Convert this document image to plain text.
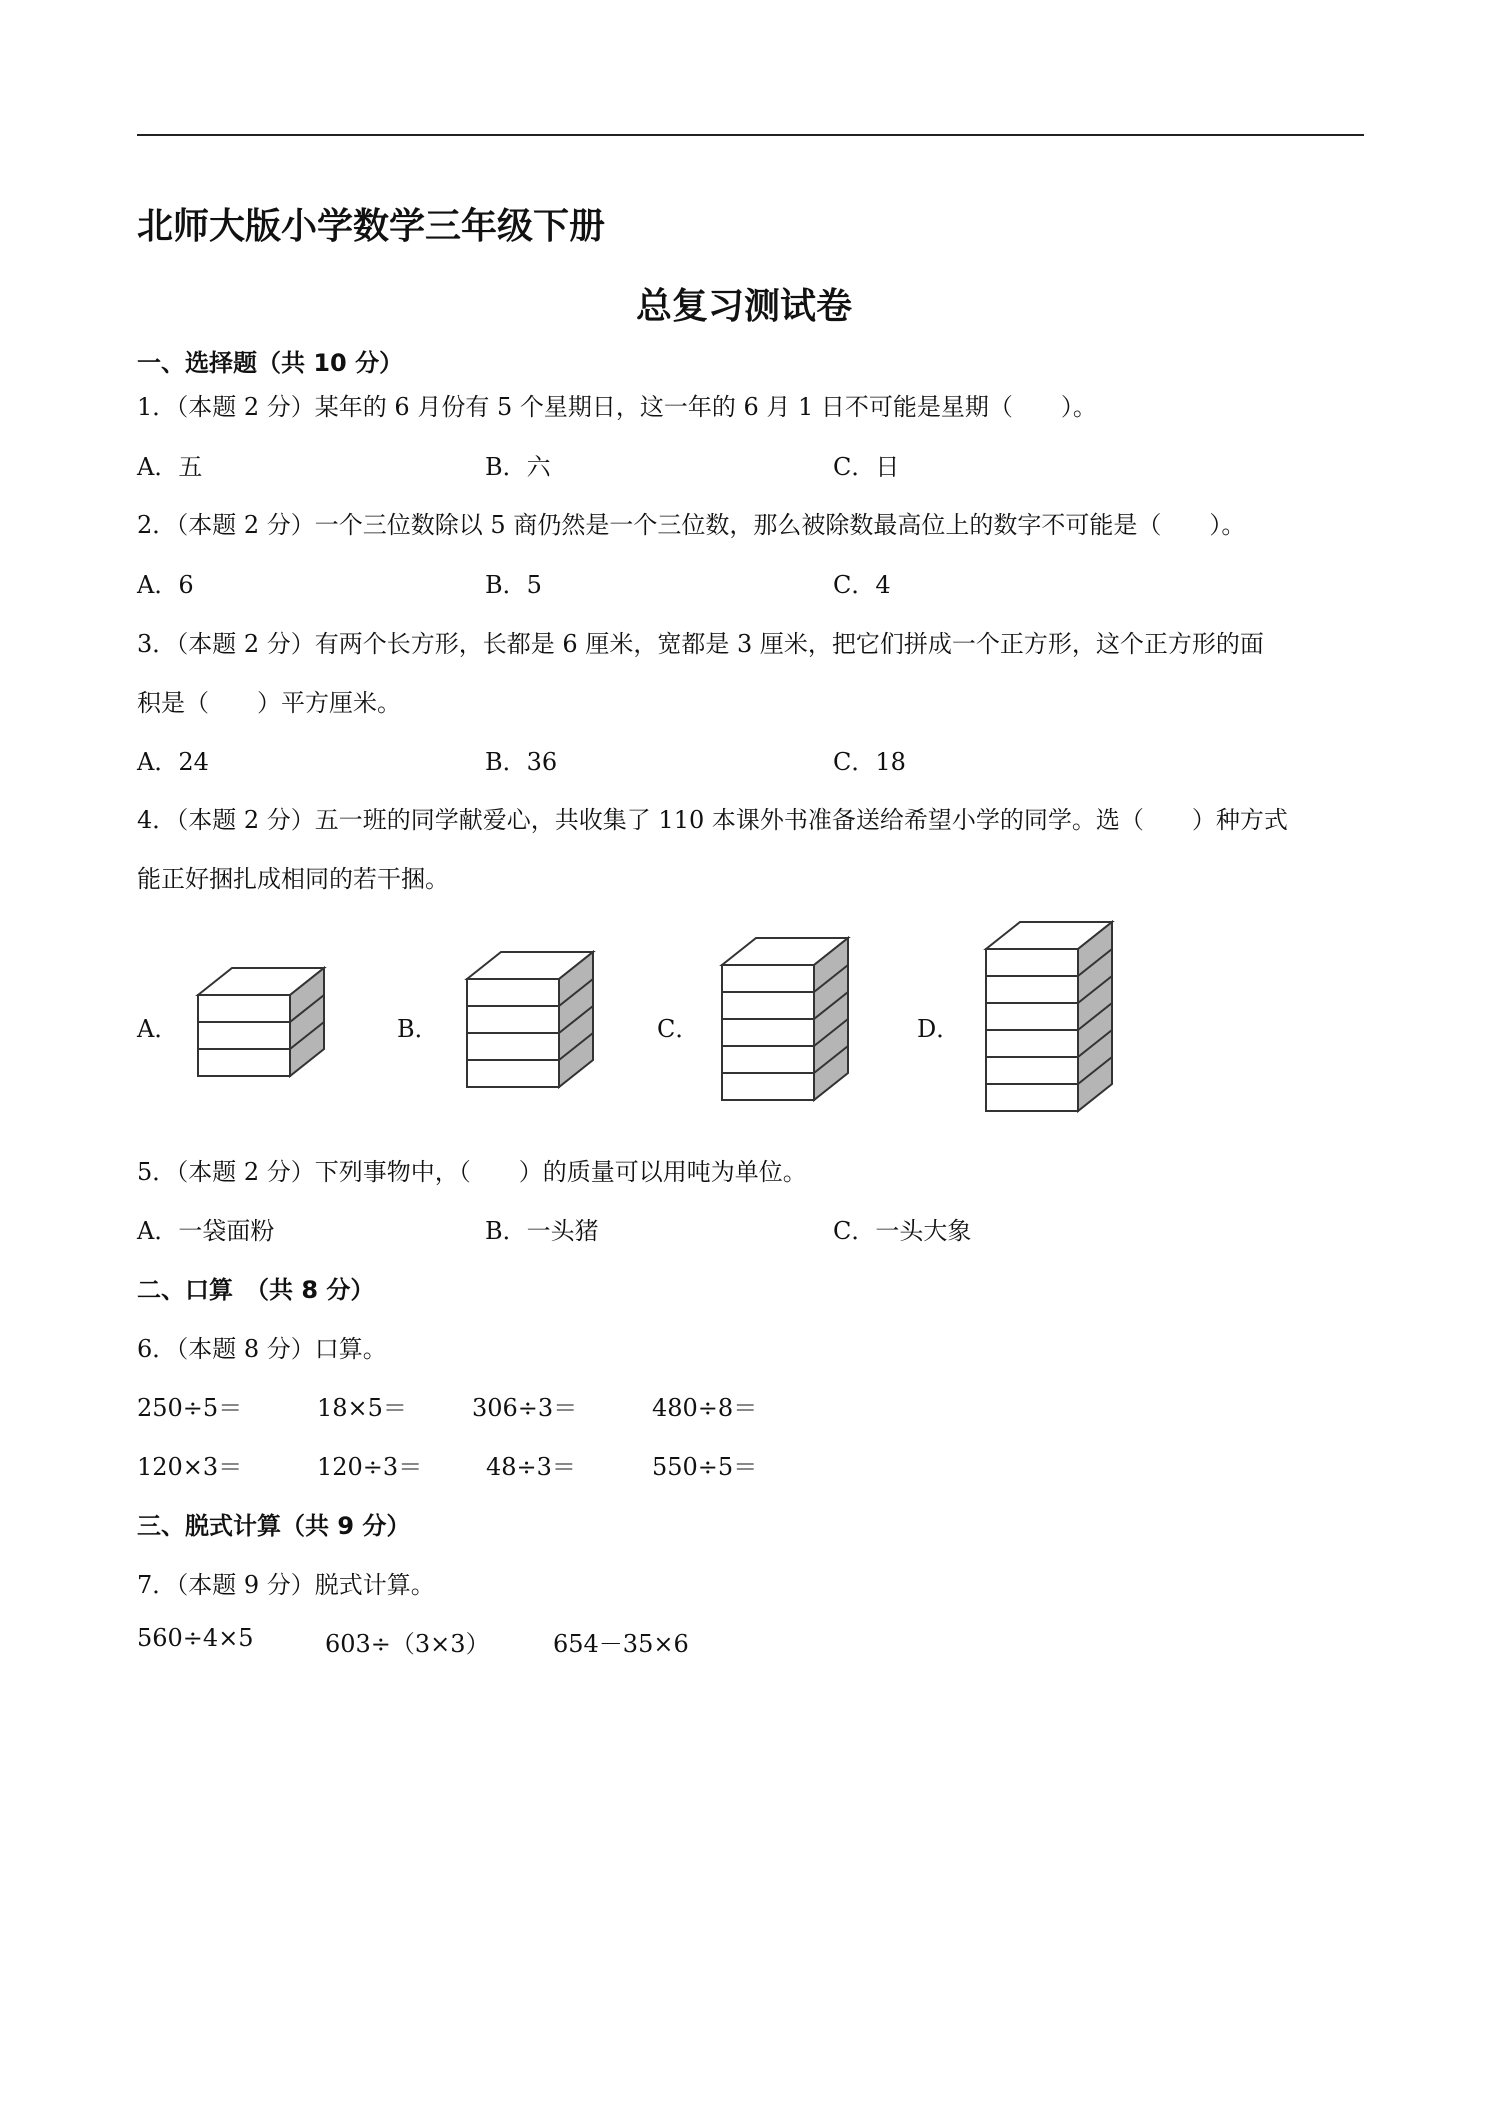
北师大版小学数学三年级下册
总复习测试卷
一、选择题（共 10 分）
1．（本题 2 分）某年的 6 月份有 5 个星期日，这一年的 6 月 1 日不可能是星期（　　）。
A．五	B．六	C．日
2．（本题 2 分）一个三位数除以 5 商仍然是一个三位数，那么被除数最高位上的数字不可能是（　　）。
A．6	B．5	C．4
3．（本题 2 分）有两个长方形，长都是 6 厘米，宽都是 3 厘米，把它们拼成一个正方形，这个正方形的面
积是（　　）平方厘米。
A．24	B．36	C．18
4．（本题 2 分）五一班的同学献爱心，共收集了 110 本课外书准备送给希望小学的同学。选（　　）种方式
能正好捆扎成相同的若干捆。
A．	B．	C．	D．
5．（本题 2 分）下列事物中，（　　）的质量可以用吨为单位。
A．一袋面粉	B．一头猪	C．一头大象
二、口算　（共 8 分）
6．（本题 8 分）口算。
250÷5＝	18×5＝	306÷3＝	480÷8＝
120×3＝	120÷3＝	48÷3＝	550÷5＝
三、脱式计算（共 9 分）
7．（本题 9 分）脱式计算。
560÷4×5	603÷（3×3）	654－35×6
